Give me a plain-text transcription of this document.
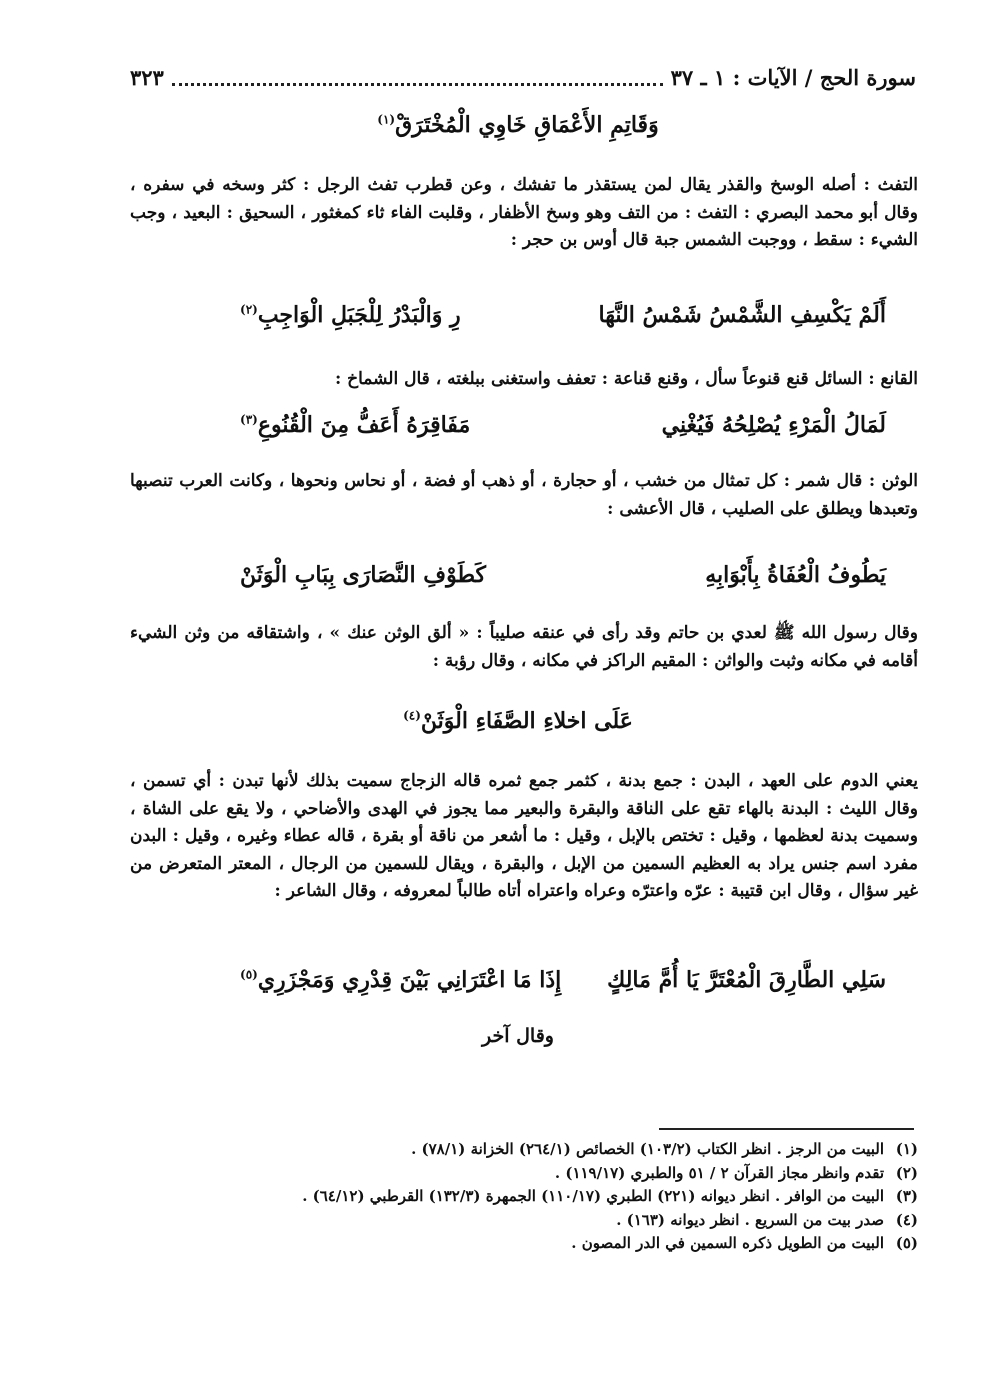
سورة الحج / الآيات : ١ ـ ٣٧
٣٢٣
وَقَاتِمِ الأَعْمَاقِ خَاوِي الْمُخْتَرَقْ$^{(١)}$
التفث : أصله الوسخ والقذر يقال لمن يستقذر ما تفشك ، وعن قطرب تفث الرجل : كثر وسخه في سفره ، وقال أبو محمد البصري : التفث : من التف وهو وسخ الأظفار ، وقلبت الفاء ثاء كمغثور ، السحيق : البعيد ، وجب الشيء : سقط ، ووجبت الشمس جبة قال أوس بن حجر :
أَلَمْ يَكْسِفِ الشَّمْسُ شَمْسُ النَّهَا
رِ وَالْبَدْرُ لِلْجَبَلِ الْوَاجِبِ$^{(٢)}$
القانع : السائل قنع قنوعاً سأل ، وقنع قناعة : تعفف واستغنى ببلغته ، قال الشماخ :
لَمَالُ الْمَرْءِ يُصْلِحُهُ فَيُغْنِي
مَفَاقِرَهُ أَعَفُّ مِنَ الْقُنُوعِ$^{(٣)}$
الوثن : قال شمر : كل تمثال من خشب ، أو حجارة ، أو ذهب أو فضة ، أو نحاس ونحوها ، وكانت العرب تنصبها وتعبدها ويطلق على الصليب ، قال الأعشى :
يَطُوفُ الْعُفَاةُ بِأَبْوَابِهِ
كَطَوْفِ النَّصَارَى بِبَابِ الْوَثَنْ
وقال رسول الله ﷺ لعدي بن حاتم وقد رأى في عنقه صليباً : « ألق الوثن عنك » ، واشتقاقه من وثن الشيء أقامه في مكانه وثبت والواثن : المقيم الراكز في مكانه ، وقال رؤبة :
عَلَى اخلاءِ الصَّفَاءِ الْوَثَنْ$^{(٤)}$
يعني الدوم على العهد ، البدن : جمع بدنة ، كثمر جمع ثمره قاله الزجاج سميت بذلك لأنها تبدن : أي تسمن ، وقال الليث : البدنة بالهاء تقع على الناقة والبقرة والبعير مما يجوز في الهدى والأضاحي ، ولا يقع على الشاة ، وسميت بدنة لعظمها ، وقيل : تختص بالإبل ، وقيل : ما أشعر من ناقة أو بقرة ، قاله عطاء وغيره ، وقيل : البدن مفرد اسم جنس يراد به العظيم السمين من الإبل ، والبقرة ، ويقال للسمين من الرجال ، المعتر المتعرض من غير سؤال ، وقال ابن قتيبة : عرّه واعترّه وعراه واعتراه أتاه طالباً لمعروفه ، وقال الشاعر :
سَلِي الطَّارِقَ الْمُعْتَرَّ يَا أُمَّ مَالِكٍ
إِذَا مَا اعْتَرَانِي بَيْنَ قِدْرِي وَمَجْزَرِي$^{(٥)}$
وقال آخر
(١)البيت من الرجز . انظر الكتاب (١٠٣/٢) الخصائص (٢٦٤/١) الخزانة (٧٨/١) .
(٢)تقدم وانظر مجاز القرآن ٢ / ٥١ والطبري (١١٩/١٧) .
(٣)البيت من الوافر . انظر ديوانه (٢٢١) الطبري (١١٠/١٧) الجمهرة (١٣٢/٣) القرطبي (٦٤/١٢) .
(٤)صدر بيت من السريع . انظر ديوانه (١٦٣) .
(٥)البيت من الطويل ذكره السمين في الدر المصون .
